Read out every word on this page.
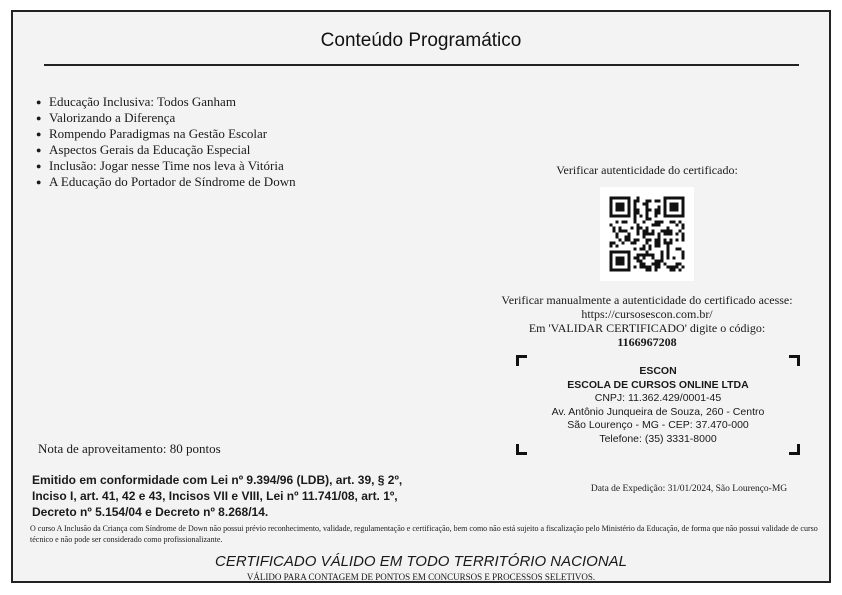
Conteúdo Programático
● Educação Inclusiva: Todos Ganham
● Valorizando a Diferença
● Rompendo Paradigmas na Gestão Escolar
● Aspectos Gerais da Educação Especial
● Inclusão: Jogar nesse Time nos leva à Vitória
● A Educação do Portador de Síndrome de Down
Verificar autenticidade do certificado:
Verificar manualmente a autenticidade do certificado acesse:
https://cursosescon.com.br/
Em 'VALIDAR CERTIFICADO' digite o código:
1166967208
ESCON
ESCOLA DE CURSOS ONLINE LTDA
CNPJ: 11.362.429/0001-45
Av. Antônio Junqueira de Souza, 260 - Centro
São Lourenço - MG - CEP: 37.470-000
Telefone: (35) 3331-8000
Nota de aproveitamento: 80 pontos
Emitido em conformidade com Lei nº 9.394/96 (LDB), art. 39, § 2º,
Inciso I, art. 41, 42 e 43, Incisos VII e VIII, Lei nº 11.741/08, art. 1º,
Decreto nº 5.154/04 e Decreto nº 8.268/14.
Data de Expedição: 31/01/2024, São Lourenço-MG
O curso A Inclusão da Criança com Síndrome de Down não possui prévio reconhecimento, validade, regulamentação e certificação, bem como não está sujeito a fiscalização pelo Ministério da Educação, de forma que não possui validade de curso técnico e não pode ser considerado como profissionalizante.
CERTIFICADO VÁLIDO EM TODO TERRITÓRIO NACIONAL
VÁLIDO PARA CONTAGEM DE PONTOS EM CONCURSOS E PROCESSOS SELETIVOS.
